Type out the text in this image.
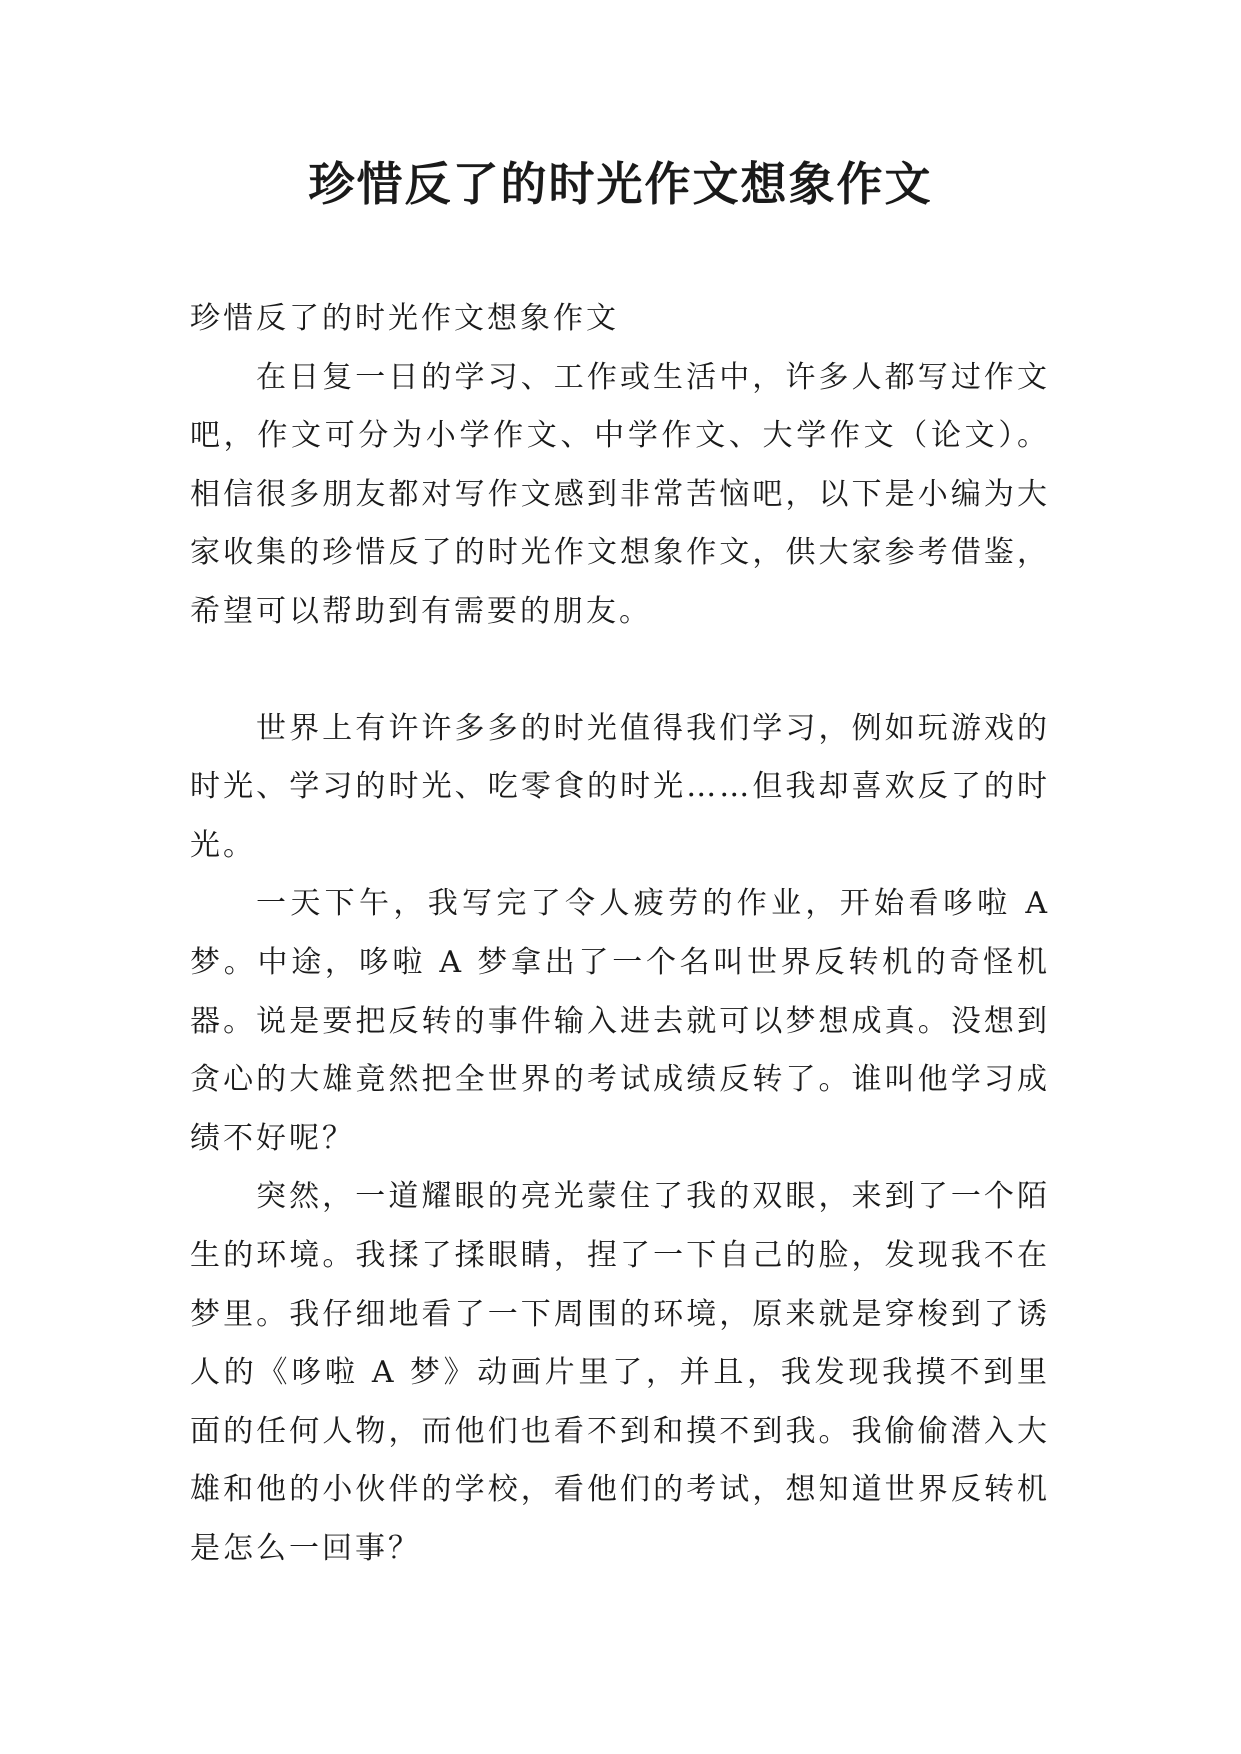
珍惜反了的时光作文想象作文

珍惜反了的时光作文想象作文

在日复一日的学习、工作或生活中，许多人都写过作文吧，作文可分为小学作文、中学作文、大学作文（论文）。相信很多朋友都对写作文感到非常苦恼吧，以下是小编为大家收集的珍惜反了的时光作文想象作文，供大家参考借鉴，希望可以帮助到有需要的朋友。

世界上有许许多多的时光值得我们学习，例如玩游戏的时光、学习的时光、吃零食的时光……但我却喜欢反了的时光。

一天下午，我写完了令人疲劳的作业，开始看哆啦 A 梦。中途，哆啦 A 梦拿出了一个名叫世界反转机的奇怪机器。说是要把反转的事件输入进去就可以梦想成真。没想到贪心的大雄竟然把全世界的考试成绩反转了。谁叫他学习成绩不好呢？

突然，一道耀眼的亮光蒙住了我的双眼，来到了一个陌生的环境。我揉了揉眼睛，捏了一下自己的脸，发现我不在梦里。我仔细地看了一下周围的环境，原来就是穿梭到了诱人的《哆啦 A 梦》动画片里了，并且，我发现我摸不到里面的任何人物，而他们也看不到和摸不到我。我偷偷潜入大雄和他的小伙伴的学校，看他们的考试，想知道世界反转机是怎么一回事？
